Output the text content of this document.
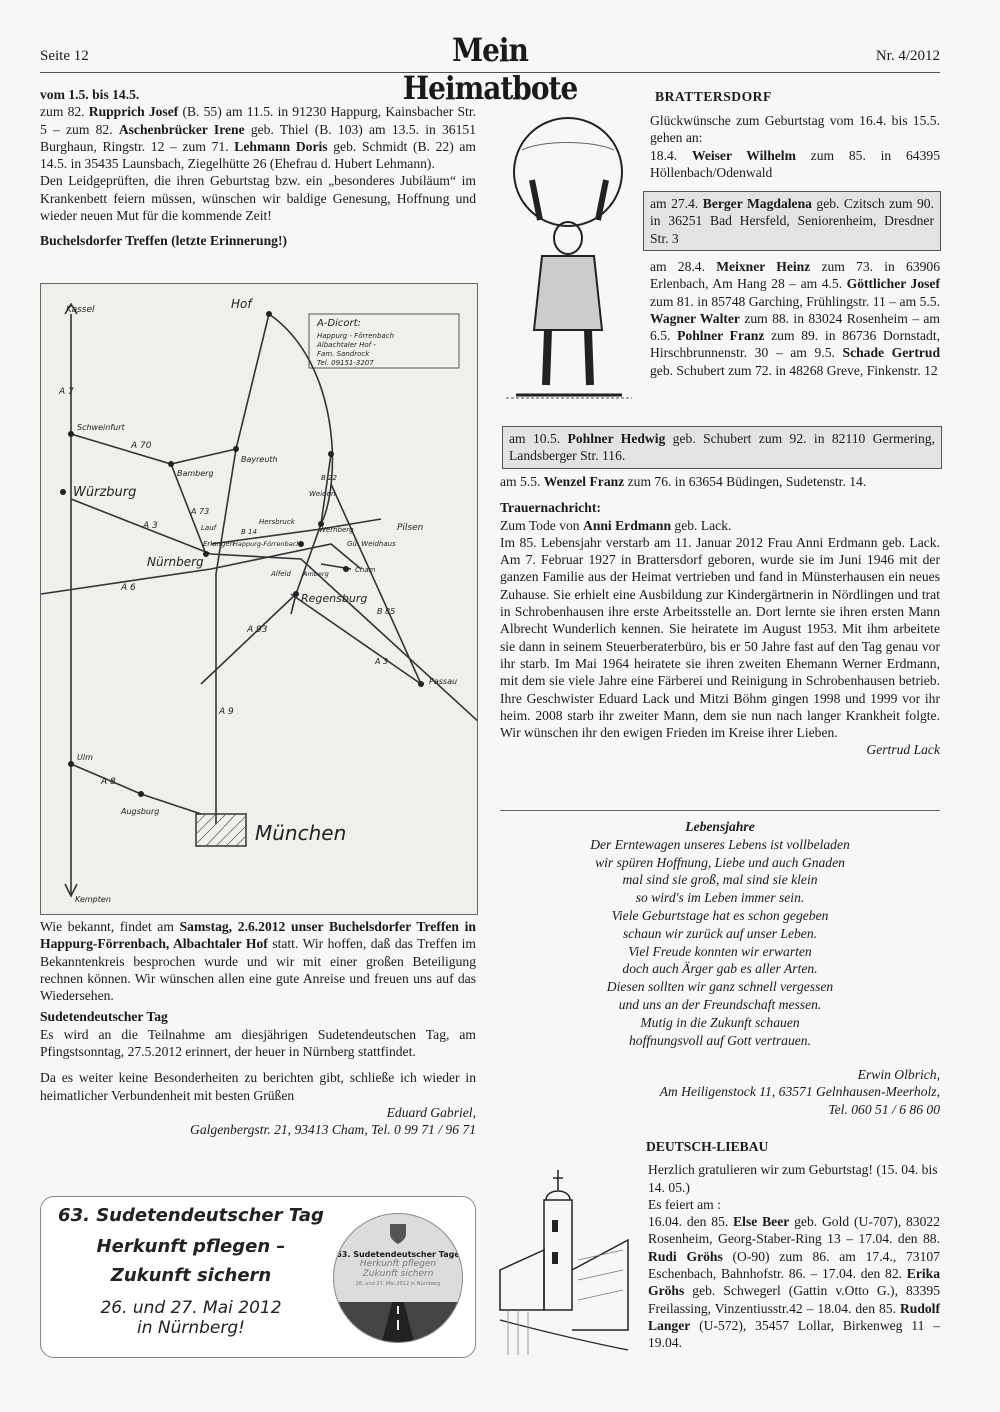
Seite 12	Mein Heimatbote
Nr. 4/2012

vom 1.5. bis 14.5.

zum 82. Rupprich Josef (B. 55) am 11.5. in 91230 Happurg, Kainsbacher Str. 5 – zum 82. Aschenbrücker Irene geb. Thiel (B. 103) am 13.5. in 36151 Burghaun, Ringstr. 12 – zum 71. Lehmann Doris geb. Schmidt (B. 22) am 14.5. in 35435 Launsbach, Ziegelhütte 26 (Ehefrau d. Hubert Lehmann).

Den Leidgeprüften, die ihren Geburtstag bzw. ein „besonderes Jubiläum“ im Krankenbett feiern müssen, wünschen wir baldige Genesung, Hoffnung und wieder neuen Mut für die kommende Zeit!

Buchelsdorfer Treffen (letzte Erinnerung!)

A-Dicort:
Happurg - Förrenbach
Albachtaler Hof -
Fam. Sandrock
Tel. 09151-3207
Kassel	Hof
Schweinfurt
Würzburg
Bamberg
Bayreuth
Nürnberg
Erlangen
Lauf
Hersbruck
Happurg-Förrenbach
Weiden
Wernberg	Pilsen
Gü. Weidhaus
Amberg	Cham
Regensburg
Passau
Ulm
Augsburg
München
Kempten
Alfeld
A 7
A 70
A 73
A 3
A 6
A 9
A 93
A 8
B 14
B 22
B 85
A 3

Wie bekannt, findet am Samstag, 2.6.2012 unser Buchelsdorfer Treffen in Happurg-Förrenbach, Albachtaler Hof statt. Wir hoffen, daß das Treffen im Bekanntenkreis besprochen wurde und wir mit einer großen Beteiligung rechnen können. Wir wünschen allen eine gute Anreise und freuen uns auf das Wiedersehen.

Sudetendeutscher Tag

Es wird an die Teilnahme am diesjährigen Sudetendeutschen Tag, am Pfingstsonntag, 27.5.2012 erinnert, der heuer in Nürnberg stattfindet.

Da es weiter keine Besonderheiten zu berichten gibt, schließe ich wieder in heimatlicher Verbundenheit mit besten Grüßen

Eduard Gabriel,

Galgenbergstr. 21, 93413 Cham, Tel. 0 99 71 / 96 71

63. Sudetendeutscher Tag
Herkunft pflegen –
Zukunft sichern
26. und 27. Mai 2012
in Nürnberg!
63. Sudetendeutscher Tage
Herkunft pflegen
Zukunft sichern
26. und 27. Mai 2012 in Nürnberg

BRATTERSDORF

Glückwünsche zum Geburtstag vom 16.4. bis 15.5. gehen an:

18.4. Weiser Wilhelm zum 85. in 64395 Höllenbach/Odenwald

am 27.4. Berger Magdalena geb. Czitsch zum 90. in 36251 Bad Hersfeld, Seniorenheim, Dresdner Str. 3

am 28.4. Meixner Heinz zum 73. in 63906 Erlenbach, Am Hang 28 – am 4.5. Göttlicher Josef zum 81. in 85748 Garching, Frühlingstr. 11 – am 5.5. Wagner Walter zum 88. in 83024 Rosenheim – am 6.5. Pohlner Franz zum 89. in 86736 Dornstadt, Hirschbrunnenstr. 30 – am 9.5. Schade Gertrud geb. Schubert zum 72. in 48268 Greve, Finkenstr. 12

am 10.5. Pohlner Hedwig geb. Schubert zum 92. in 82110 Germering, Landsberger Str. 116.

am 5.5. Wenzel Franz zum 76. in 63654 Büdingen, Sudetenstr. 14.

Trauernachricht:

Zum Tode von Anni Erdmann geb. Lack.

Im 85. Lebensjahr verstarb am 11. Januar 2012 Frau Anni Erdmann geb. Lack. Am 7. Februar 1927 in Brattersdorf geboren, wurde sie im Juni 1946 mit der ganzen Familie aus der Heimat vertrieben und fand in Münsterhausen ein neues Zuhause. Sie erhielt eine Ausbildung zur Kindergärtnerin in Nördlingen und trat in Schrobenhausen ihre erste Arbeitsstelle an. Dort lernte sie ihren ersten Mann Albrecht Wunderlich kennen. Sie heiratete im August 1953. Mit ihm arbeitete sie dann in seinem Steuerberaterbüro, bis er 50 Jahre fast auf den Tag genau vor ihr starb. Im Mai 1964 heiratete sie ihren zweiten Ehemann Werner Erdmann, mit dem sie viele Jahre eine Färberei und Reinigung in Schrobenhausen betrieb. Ihre Geschwister Eduard Lack und Mitzi Böhm gingen 1998 und 1999 vor ihr heim. 2008 starb ihr zweiter Mann, dem sie nun nach langer Krankheit folgte. Wir wünschen ihr den ewigen Frieden im Kreise ihrer Lieben.

Gertrud Lack

Lebensjahre
Der Erntewagen unseres Lebens ist vollbeladen
wir spüren Hoffnung, Liebe und auch Gnaden
mal sind sie groß, mal sind sie klein
so wird's im Leben immer sein.
Viele Geburtstage hat es schon gegeben
schaun wir zurück auf unser Leben.
Viel Freude konnten wir erwarten
doch auch Ärger gab es aller Arten.
Diesen sollten wir ganz schnell vergessen
und uns an der Freundschaft messen.
Mutig in die Zukunft schauen
hoffnungsvoll auf Gott vertrauen.

Erwin Olbrich,

Am Heiligenstock 11, 63571 Gelnhausen-Meerholz,

Tel. 060 51 / 6 86 00

DEUTSCH-LIEBAU

Herzlich gratulieren wir zum Geburtstag! (15. 04. bis 14. 05.)

Es feiert am :

16.04. den 85. Else Beer geb. Gold (U-707), 83022 Rosenheim, Georg-Staber-Ring 13 – 17.04. den 88. Rudi Gröhs (O-90) zum 86. am 17.4., 73107 Eschenbach, Bahnhofstr. 86. – 17.04. den 82. Erika Gröhs geb. Schwegerl (Gattin v.Otto G.), 83395 Freilassing, Vinzentiusstr.42 – 18.04. den 85. Rudolf Langer (U-572), 35457 Lollar, Birkenweg 11 – 19.04.
